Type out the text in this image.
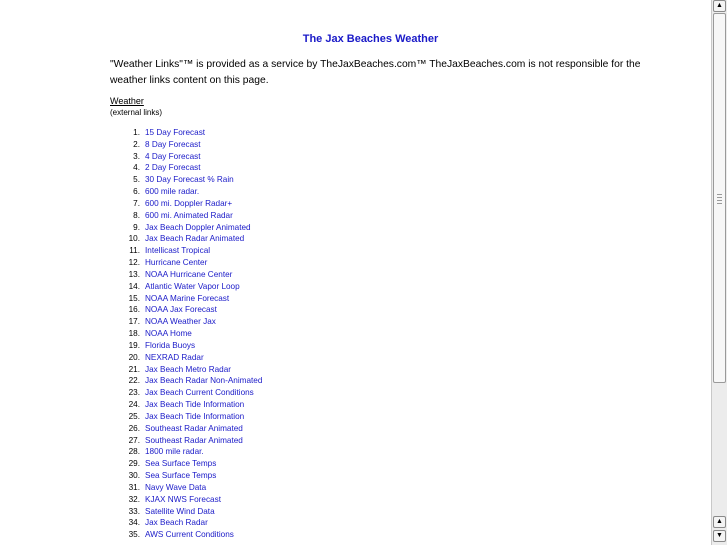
The Jax Beaches Weather
"Weather Links"™ is provided as a service by TheJaxBeaches.com™ TheJaxBeaches.com is not responsible for the weather links content on this page.
Weather
(external links)
1. 15 Day Forecast
2. 8 Day Forecast
3. 4 Day Forecast
4. 2 Day Forecast
5. 30 Day Forecast % Rain
6. 600 mile radar.
7. 600 mi. Doppler Radar+
8. 600 mi. Animated Radar
9. Jax Beach Doppler Animated
10. Jax Beach Radar Animated
11. Intellicast Tropical
12. Hurricane Center
13. NOAA Hurricane Center
14. Atlantic Water Vapor Loop
15. NOAA Marine Forecast
16. NOAA Jax Forecast
17. NOAA Weather Jax
18. NOAA Home
19. Florida Buoys
20. NEXRAD Radar
21. Jax Beach Metro Radar
22. Jax Beach Radar Non-Animated
23. Jax Beach Current Conditions
24. Jax Beach Tide Information
25. Jax Beach Tide Information
26. Southeast Radar Animated
27. Southeast Radar Animated
28. 1800 mile radar.
29. Sea Surface Temps
30. Sea Surface Temps
31. Navy Wave Data
32. KJAX NWS Forecast
33. Satellite Wind Data
34. Jax Beach Radar
35. AWS Current Conditions
▲
▲
▼
